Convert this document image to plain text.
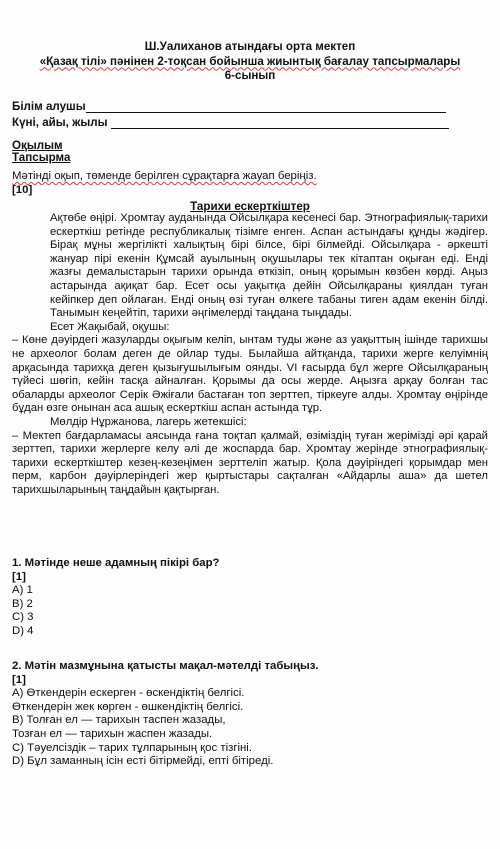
Ш.Уалиханов атындағы орта мектеп
«Қазақ тілі» пәнінен 2-тоқсан бойынша жиынтық бағалау тапсырмалары
6-сынып
Білім алушы
Күні, айы, жылы
Оқылым
Тапсырма
Мәтінді оқып, төменде берілген сұрақтарға жауап беріңіз.
[10]
Тарихи ескерткіштер

Ақтөбе өңірі. Хромтау ауданында Ойсылқара кесенесі бар. Этнографиялық-тарихи ескерткіш ретінде республикалық тізімге енген. Аспан астындағы құнды жәдігер. Бірақ мұны жергілікті халықтың бірі білсе, бірі білмейді. Ойсылқара - әркешті жануар пірі екенін Құмсай ауылының оқушылары тек кітаптан оқыған еді. Енді жазғы демалыстарын тарихи орында өткізіп, оның қорымын көзбен көрді. Аңыз астарында ақиқат бар. Есет осы уақытқа дейін Ойсылқараны қиялдан туған кейіпкер деп ойлаған. Енді оның өзі туған өлкеге табаны тиген адам екенін білді. Танымын кеңейтіп, тарихи әңгімелерді таңдана тыңдады.

Есет Жақыбай, оқушы:

– Көне дәуірдегі жазуларды оқығым келіп, ынтам туды және аз уақыттың ішінде тарихшы не археолог болам деген де ойлар туды. Былайша айтқанда, тарихи жерге келуімнің арқасында тарихқа деген қызығушылығым оянды. VI ғасырда бұл жерге Ойсылқараның түйесі шөгіп, кейін тасқа айналған. Қорымы да осы жерде. Аңызға арқау болған тас обаларды археолог Серік Әжіғали бастаған топ зерттеп, тіркеуге алды. Хромтау өңірінде бұдан өзге онынан аса ашық ескерткіш аспан астында тұр.

Мөлдір Нұржанова, лагерь жетекшісі:

– Мектеп бағдарламасы аясында ғана тоқтап қалмай, өзіміздің туған жерімізді әрі қарай зерттеп, тарихи жерлерге келу әлі де жоспарда бар. Хромтау жерінде этнографиялық-тарихи ескерткіштер кезең-кезеңімен зерттеліп жатыр. Қола дәуіріндегі қорымдар мен перм, карбон дәуірлеріндегі жер қыртыстары сақталған «Айдарлы аша» да шетел тарихшыларының таңдайын қақтырған.

1. Мәтінде неше адамның пікірі бар?
[1]
A) 1
B) 2
C) 3
D) 4
2. Мәтін мазмұнына қатысты мақал-мәтелді табыңыз.
[1]
A) Өткендерін ескерген - өскендіктің белгісі.
Өткендерін жек көрген - өшкендіктің белгісі.
B) Толған ел — тарихын таспен жазады,
Тозған ел — тарихын жаспен жазады.
C) Тәуелсіздік – тарих тұлпарының қос тізгіні.
D) Бұл заманның ісін есті бітірмейді, епті бітіреді.
